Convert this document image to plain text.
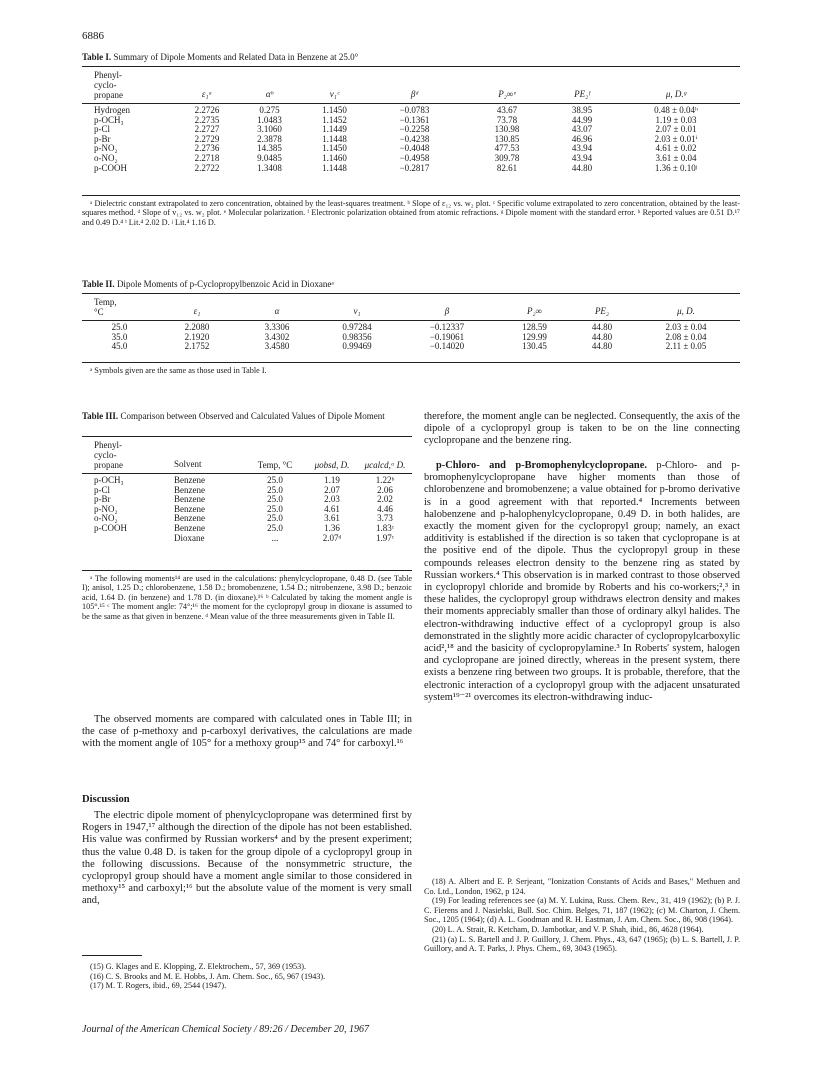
6886
Table I. Summary of Dipole Moments and Related Data in Benzene at 25.0°
Phenyl-
cyclo-
propane	ε₁ᵃ	αᵇ	v₁ᶜ	βᵈ	P₂∞ᵉ	PE₂ᶠ	μ, D.ᵍ

Hydrogen	2.2726	0.275	1.1450	−0.0783	43.67	38.95	0.48 ± 0.04ʰ
p-OCH₃	2.2735	1.0483	1.1452	−0.1361	73.78	44.99	1.19 ± 0.03
p-Cl	2.2727	3.1060	1.1449	−0.2258	130.98	43.07	2.07 ± 0.01
p-Br	2.2729	2.3878	1.1448	−0.4238	130.85	46.96	2.03 ± 0.01ⁱ
p-NO₂	2.2736	14.385	1.1450	−0.4048	477.53	43.94	4.61 ± 0.02
o-NO₂	2.2718	9.0485	1.1460	−0.4958	309.78	43.94	3.61 ± 0.04
p-COOH	2.2722	1.3408	1.1448	−0.2817	82.61	44.80	1.36 ± 0.10ʲ
ᵃ Dielectric constant extrapolated to zero concentration, obtained by the least-squares treatment. ᵇ Slope of ε₁₂ vs. w₂ plot. ᶜ Specific volume extrapolated to zero concentration, obtained by the least-squares method. ᵈ Slope of v₁₂ vs. w₂ plot. ᵉ Molecular polarization. ᶠ Electronic polarization obtained from atomic refractions. ᵍ Dipole moment with the standard error. ʰ Reported values are 0.51 D.¹⁷ and 0.49 D.⁴ ⁱ Lit.⁴ 2.02 D. ʲ Lit.⁴ 1.16 D.
Table II. Dipole Moments of p-Cyclopropylbenzoic Acid in Dioxaneᵃ
Temp,
°C	ε₁	α	v₁	β	P₂∞	PE₂	μ, D.

25.0	2.2080	3.3306	0.97284	−0.12337	128.59	44.80	2.03 ± 0.04
35.0	2.1920	3.4302	0.98356	−0.19061	129.99	44.80	2.08 ± 0.04
45.0	2.1752	3.4580	0.99469	−0.14020	130.45	44.80	2.11 ± 0.05
ᵃ Symbols given are the same as those used in Table I.
Table III. Comparison between Observed and Calculated Values of Dipole Moment
Phenyl-
cyclo-
propane	Solvent	Temp, °C	μobsd, D.	μcalcd,ᵃ D.

p-OCH₃	Benzene	25.0	1.19	1.22ᵇ
p-Cl	Benzene	25.0	2.07	2.06
p-Br	Benzene	25.0	2.03	2.02
p-NO₂	Benzene	25.0	4.61	4.46
o-NO₂	Benzene	25.0	3.61	3.73
p-COOH	Benzene	25.0	1.36	1.83ᶜ
	Dioxane	...	2.07ᵈ	1.97ᶜ
ᵃ The following moments¹⁴ are used in the calculations: phenylcyclopropane, 0.48 D. (see Table I); anisol, 1.25 D.; chlorobenzene, 1.58 D.; bromobenzene, 1.54 D.; nitrobenzene, 3.98 D.; benzoic acid, 1.64 D. (in benzene) and 1.78 D. (in dioxane).¹⁶ ᵇ Calculated by taking the moment angle is 105°.¹⁵ ᶜ The moment angle: 74°;¹⁶ the moment for the cyclopropyl group in dioxane is assumed to be the same as that given in benzene. ᵈ Mean value of the three measurements given in Table II.
The observed moments are compared with calculated ones in Table III; in the case of p-methoxy and p-carboxyl derivatives, the calculations are made with the moment angle of 105° for a methoxy group¹⁵ and 74° for carboxyl.¹⁶
Discussion
The electric dipole moment of phenylcyclopropane was determined first by Rogers in 1947,¹⁷ although the direction of the dipole has not been established. His value was confirmed by Russian workers⁴ and by the present experiment; thus the value 0.48 D. is taken for the group dipole of a cyclopropyl group in the following discussions. Because of the nonsymmetric structure, the cyclopropyl group should have a moment angle similar to those considered in methoxy¹⁵ and carboxyl;¹⁶ but the absolute value of the moment is very small and,

(15) G. Klages and E. Klopping, Z. Elektrochem., 57, 369 (1953).

(16) C. S. Brooks and M. E. Hobbs, J. Am. Chem. Soc., 65, 967 (1943).

(17) M. T. Rogers, ibid., 69, 2544 (1947).

therefore, the moment angle can be neglected. Consequently, the axis of the dipole of a cyclopropyl group is taken to be on the line connecting cyclopropane and the benzene ring.
p-Chloro- and p-Bromophenylcyclopropane. p-Chloro- and p-bromophenylcyclopropane have higher moments than those of chlorobenzene and bromobenzene; a value obtained for p-bromo derivative is in a good agreement with that reported.⁴ Increments between halobenzene and p-halophenylcyclopropane, 0.49 D. in both halides, are exactly the moment given for the cyclopropyl group; namely, an exact additivity is established if the direction is so taken that cyclopropane is at the positive end of the dipole. Thus the cyclopropyl group in these compounds releases electron density to the benzene ring as stated by Russian workers.⁴ This observation is in marked contrast to those observed in cyclopropyl chloride and bromide by Roberts and his co-workers;²,³ in these halides, the cyclopropyl group withdraws electron density and makes their moments appreciably smaller than those of ordinary alkyl halides. The electron-withdrawing inductive effect of a cyclopropyl group is also demonstrated in the slightly more acidic character of cyclopropylcarboxylic acid²,¹⁸ and the basicity of cyclopropylamine.³ In Roberts' system, halogen and cyclopropane are joined directly, whereas in the present system, there exists a benzene ring between two groups. It is probable, therefore, that the electronic interaction of a cyclopropyl group with the adjacent unsaturated system¹⁹⁻²¹ overcomes its electron-withdrawing induc-

(18) A. Albert and E. P. Serjeant, "Ionization Constants of Acids and Bases," Methuen and Co. Ltd., London, 1962, p 124.

(19) For leading references see (a) M. Y. Lukina, Russ. Chem. Rev., 31, 419 (1962); (b) P. J. C. Fierens and J. Nasielski, Bull. Soc. Chim. Belges, 71, 187 (1962); (c) M. Charton, J. Chem. Soc., 1205 (1964); (d) A. L. Goodman and R. H. Eastman, J. Am. Chem. Soc., 86, 908 (1964).

(20) L. A. Strait, R. Ketcham, D. Jambotkar, and V. P. Shah, ibid., 86, 4628 (1964).

(21) (a) L. S. Bartell and J. P. Guillory, J. Chem. Phys., 43, 647 (1965); (b) L. S. Bartell, J. P. Guillory, and A. T. Parks, J. Phys. Chem., 69, 3043 (1965).

Journal of the American Chemical Society / 89:26 / December 20, 1967
